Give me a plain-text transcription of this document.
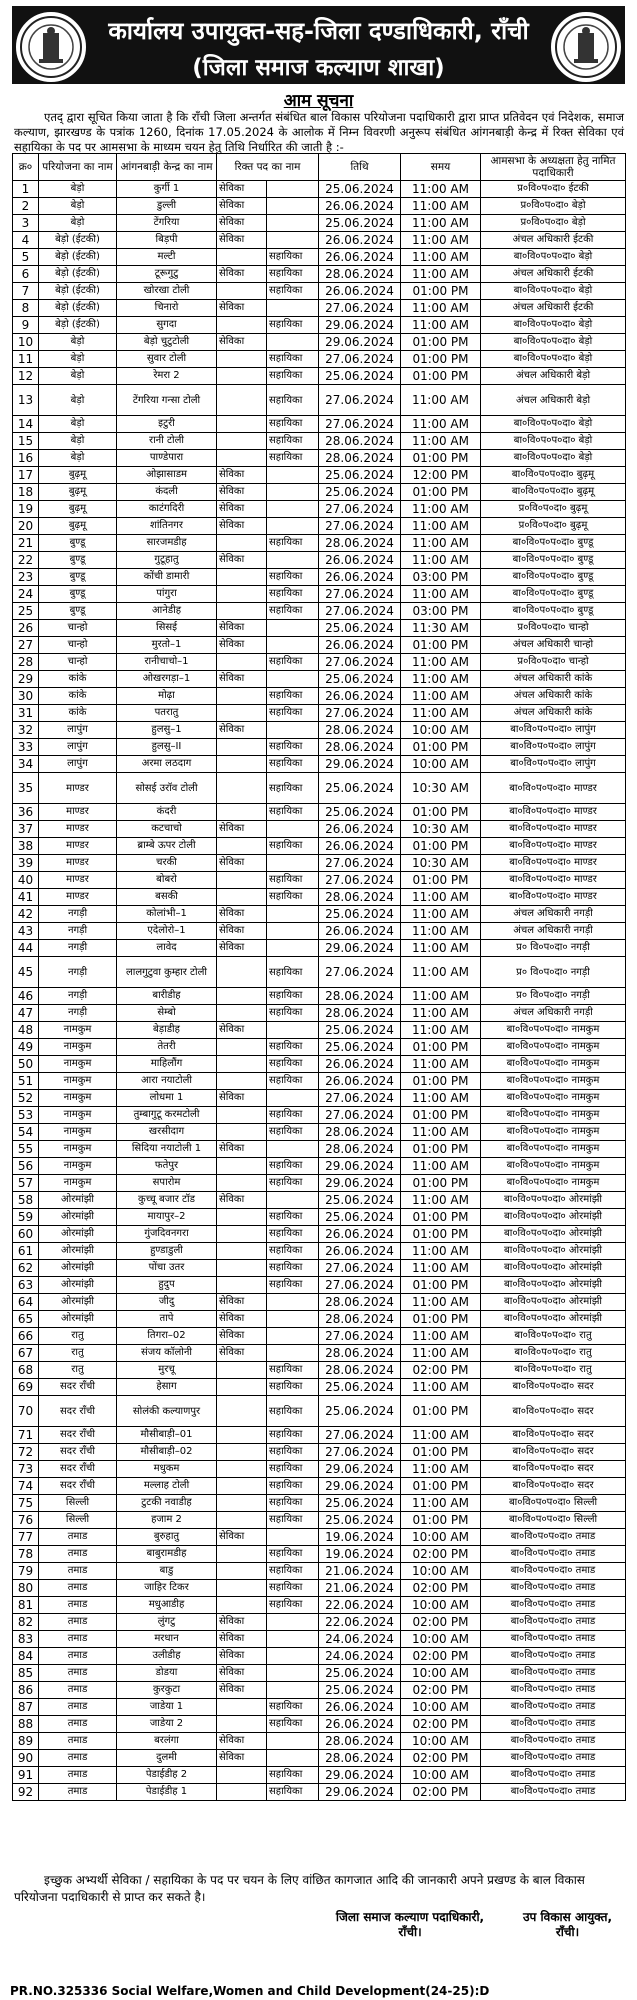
कार्यालय उपायुक्त-सह-जिला दण्डाधिकारी, राँची
(जिला समाज कल्याण शाखा)
आम सूचना
एतद् द्वारा सूचित किया जाता है कि राँची जिला अन्तर्गत संबंधित बाल विकास परियोजना पदाधिकारी द्वारा प्राप्त प्रतिवेदन एवं निदेशक, समाज कल्याण, झारखण्ड के पत्रांक 1260, दिनांक 17.05.2024 के आलोक में निम्न विवरणी अनुरूप संबंधित आंगनबाड़ी केन्द्र में रिक्त सेविका एवं सहायिका के पद पर आमसभा के माध्यम चयन हेतु तिथि निर्धारित की जाती है :-
क्र०	परियोजना का नाम	आंगनबाड़ी केन्द्र का नाम	रिक्त पद का नाम		तिथि	समय	आमसभा के अध्यक्षता हेतु नामित पदाधिकारी
1	बेड़ो	कुर्गी 1	सेविका		25.06.2024	11:00 AM	प्र०वि०प०दा० ईटकी
2	बेड़ो	डुल्ली	सेविका		26.06.2024	11:00 AM	प्र०वि०प०दा० बेड़ो
3	बेड़ो	टेंगरिया	सेविका		25.06.2024	11:00 AM	प्र०वि०प०दा० बेड़ो
4	बेड़ो (ईटकी)	बिड़पी	सेविका		26.06.2024	11:00 AM	अंचल अधिकारी ईटकी
5	बेड़ो (ईटकी)	मल्टी		सहायिका	26.06.2024	11:00 AM	बा०वि०प०प०दा० बेड़ो
6	बेड़ो (ईटकी)	टूरूगुटु	सेविका	सहायिका	28.06.2024	11:00 AM	अंचल अधिकारी ईटकी
7	बेड़ो (ईटकी)	खोरखा टोली		सहायिका	26.06.2024	01:00 PM	बा०वि०प०प०दा० बेड़ो
8	बेड़ो (ईटकी)	चिनारो	सेविका		27.06.2024	11:00 AM	अंचल अधिकारी ईटकी
9	बेड़ो (ईटकी)	सुगदा		सहायिका	29.06.2024	11:00 AM	बा०वि०प०प०दा० बेड़ो
10	बेड़ो	बेड़ो चुटुटोली	सेविका		29.06.2024	01:00 PM	बा०वि०प०प०दा० बेड़ो
11	बेड़ो	सुवार टोली		सहायिका	27.06.2024	01:00 PM	बा०वि०प०प०दा० बेड़ो
12	बेड़ो	रेमरा 2		सहायिका	25.06.2024	01:00 PM	अंचल अधिकारी बेड़ो
13	बेड़ो	टेंगरिया गन्सा टोली		सहायिका	27.06.2024	11:00 AM	अंचल अधिकारी बेड़ो
14	बेड़ो	इटुरी		सहायिका	27.06.2024	11:00 AM	बा०वि०प०प०दा० बेड़ो
15	बेड़ो	रानी टोली		सहायिका	28.06.2024	11:00 AM	बा०वि०प०प०दा० बेड़ो
16	बेड़ो	पाण्डेपारा		सहायिका	28.06.2024	01:00 PM	बा०वि०प०प०दा० बेड़ो
17	बुढ़मू	ओझासाडम	सेविका		25.06.2024	12:00 PM	बा०वि०प०प०दा० बुढ़मू
18	बुढ़मू	कंदली	सेविका		25.06.2024	01:00 PM	बा०वि०प०प०दा० बुढ़मू
19	बुढ़मू	काटंगदिरी	सेविका		27.06.2024	11:00 AM	प्र०वि०प०दा० बुढ़मू
20	बुढ़मू	शांतिनगर	सेविका		27.06.2024	11:00 AM	प्र०वि०प०दा० बुढ़मू
21	बुण्डू	सारजमडीह		सहायिका	28.06.2024	11:00 AM	बा०वि०प०प०दा० बुण्डू
22	बुण्डू	गुटूहातु	सेविका		26.06.2024	11:00 AM	बा०वि०प०प०दा० बुण्डू
23	बुण्डू	कोंची डामारी		सहायिका	26.06.2024	03:00 PM	बा०वि०प०प०दा० बुण्डू
24	बुण्डू	पांगुरा		सहायिका	27.06.2024	11:00 AM	बा०वि०प०प०दा० बुण्डू
25	बुण्डू	आनेडीह		सहायिका	27.06.2024	03:00 PM	बा०वि०प०प०दा० बुण्डू
26	चान्हो	सिसई	सेविका		25.06.2024	11:30 AM	प्र०वि०प०दा० चान्हो
27	चान्हो	मुरतो–1	सेविका		26.06.2024	01:00 PM	अंचल अधिकारी चान्हो
28	चान्हो	रानीचाचो–1		सहायिका	27.06.2024	11:00 AM	प्र०वि०प०दा० चान्हो
29	कांके	ओखरगड़ा–1	सेविका		25.06.2024	11:00 AM	अंचल अधिकारी कांके
30	कांके	मोढ़ा		सहायिका	26.06.2024	11:00 AM	अंचल अधिकारी कांके
31	कांके	पतरातु		सहायिका	27.06.2024	11:00 AM	अंचल अधिकारी कांके
32	लापुंग	हुलसु–1	सेविका		28.06.2024	10:00 AM	बा०वि०प०प०दा० लापुंग
33	लापुंग	हुलसु–II		सहायिका	28.06.2024	01:00 PM	बा०वि०प०प०दा० लापुंग
34	लापुंग	अरमा लठदाग		सहायिका	29.06.2024	10:00 AM	बा०वि०प०प०दा० लापुंग
35	माण्डर	सोसई उरॉव टोली		सहायिका	25.06.2024	10:30 AM	बा०वि०प०प०दा० माण्डर
36	माण्डर	कंदरी		सहायिका	25.06.2024	01:00 PM	बा०वि०प०प०दा० माण्डर
37	माण्डर	कटचाचो	सेविका		26.06.2024	10:30 AM	बा०वि०प०प०दा० माण्डर
38	माण्डर	ब्राम्बे ऊपर टोली		सहायिका	26.06.2024	01:00 PM	बा०वि०प०प०दा० माण्डर
39	माण्डर	चरकी	सेविका		27.06.2024	10:30 AM	बा०वि०प०प०दा० माण्डर
40	माण्डर	बोबरो		सहायिका	27.06.2024	01:00 PM	बा०वि०प०प०दा० माण्डर
41	माण्डर	बसकी		सहायिका	28.06.2024	11:00 AM	बा०वि०प०प०दा० माण्डर
42	नगड़ी	कोलांभी–1	सेविका		25.06.2024	11:00 AM	अंचल अधिकारी नगड़ी
43	नगड़ी	एदेलोरो–1	सेविका		26.06.2024	11:00 AM	अंचल अधिकारी नगड़ी
44	नगड़ी	लावेद	सेविका		29.06.2024	11:00 AM	प्र० वि०प०दा० नगड़ी
45	नगड़ी	लालगुटुवा कुम्हार टोली		सहायिका	27.06.2024	11:00 AM	प्र० वि०प०दा० नगड़ी
46	नगड़ी	बारीडीह		सहायिका	28.06.2024	11:00 AM	प्र० वि०प०दा० नगड़ी
47	नगड़ी	सेम्बो		सहायिका	28.06.2024	11:00 AM	अंचल अधिकारी नगड़ी
48	नामकुम	बेड़ाडीह	सेविका		25.06.2024	11:00 AM	बा०वि०प०प०दा० नामकुम
49	नामकुम	तेतरी		सहायिका	25.06.2024	01:00 PM	बा०वि०प०प०दा० नामकुम
50	नामकुम	माहिलौंग		सहायिका	26.06.2024	11:00 AM	बा०वि०प०प०दा० नामकुम
51	नामकुम	आरा नयाटोली		सहायिका	26.06.2024	01:00 PM	बा०वि०प०प०दा० नामकुम
52	नामकुम	लोधमा 1	सेविका		27.06.2024	11:00 AM	बा०वि०प०प०दा० नामकुम
53	नामकुम	तुम्बागुटू करमटोली		सहायिका	27.06.2024	01:00 PM	बा०वि०प०प०दा० नामकुम
54	नामकुम	खरसीदाग		सहायिका	28.06.2024	11:00 AM	बा०वि०प०प०दा० नामकुम
55	नामकुम	सिदिया नयाटोली 1	सेविका		28.06.2024	01:00 PM	बा०वि०प०प०दा० नामकुम
56	नामकुम	फतेपुर		सहायिका	29.06.2024	11:00 AM	बा०वि०प०प०दा० नामकुम
57	नामकुम	सपारोम		सहायिका	29.06.2024	01:00 PM	बा०वि०प०प०दा० नामकुम
58	ओरमांझी	कुच्चू बजार टॉड	सेविका		25.06.2024	11:00 AM	बा०वि०प०प०दा० ओरमांझी
59	ओरमांझी	मायापुर–2		सहायिका	25.06.2024	01:00 PM	बा०वि०प०प०दा० ओरमांझी
60	ओरमांझी	गुंजदिवनगरा		सहायिका	26.06.2024	01:00 PM	बा०वि०प०प०दा० ओरमांझी
61	ओरमांझी	हुण्डाडुली		सहायिका	26.06.2024	11:00 AM	बा०वि०प०प०दा० ओरमांझी
62	ओरमांझी	पोंचा उतर		सहायिका	27.06.2024	11:00 AM	बा०वि०प०प०दा० ओरमांझी
63	ओरमांझी	हुदुप		सहायिका	27.06.2024	01:00 PM	बा०वि०प०प०दा० ओरमांझी
64	ओरमांझी	जीदु	सेविका		28.06.2024	11:00 AM	बा०वि०प०प०दा० ओरमांझी
65	ओरमांझी	तापे	सेविका		28.06.2024	01:00 PM	बा०वि०प०प०दा० ओरमांझी
66	रातु	तिगरा–02	सेविका		27.06.2024	11:00 AM	बा०वि०प०प०दा० रातु
67	रातु	संजय कॉलोनी	सेविका		28.06.2024	11:00 AM	बा०वि०प०प०दा० रातु
68	रातु	मुरचू		सहायिका	28.06.2024	02:00 PM	बा०वि०प०प०दा० रातु
69	सदर राँची	हेसाग		सहायिका	25.06.2024	11:00 AM	बा०वि०प०प०दा० सदर
70	सदर राँची	सोलंकी कल्याणपुर		सहायिका	25.06.2024	01:00 PM	बा०वि०प०प०दा० सदर
71	सदर राँची	मौसीबाड़ी–01		सहायिका	27.06.2024	11:00 AM	बा०वि०प०प०दा० सदर
72	सदर राँची	मौसीबाड़ी–02		सहायिका	27.06.2024	01:00 PM	बा०वि०प०प०दा० सदर
73	सदर राँची	मधुकम		सहायिका	29.06.2024	11:00 AM	बा०वि०प०प०दा० सदर
74	सदर राँची	मल्लाह टोली		सहायिका	29.06.2024	01:00 PM	बा०वि०प०प०दा० सदर
75	सिल्ली	टुटकी नवाडीह		सहायिका	25.06.2024	11:00 AM	बा०वि०प०प०दा० सिल्ली
76	सिल्ली	हजाम 2		सहायिका	25.06.2024	01:00 PM	बा०वि०प०प०दा० सिल्ली
77	तमाड	बुरुहातु	सेविका		19.06.2024	10:00 AM	बा०वि०प०प०दा० तमाड
78	तमाड	बाबुरामडीह		सहायिका	19.06.2024	02:00 PM	बा०वि०प०प०दा० तमाड
79	तमाड	बाडु		सहायिका	21.06.2024	10:00 AM	बा०वि०प०प०दा० तमाड
80	तमाड	जाहिर टिकर		सहायिका	21.06.2024	02:00 PM	बा०वि०प०प०दा० तमाड
81	तमाड	मधुआडीह		सहायिका	22.06.2024	10:00 AM	बा०वि०प०प०दा० तमाड
82	तमाड	लुंगटु	सेविका		22.06.2024	02:00 PM	बा०वि०प०प०दा० तमाड
83	तमाड	मरधान	सेविका		24.06.2024	10:00 AM	बा०वि०प०प०दा० तमाड
84	तमाड	उलीडीह	सेविका		24.06.2024	02:00 PM	बा०वि०प०प०दा० तमाड
85	तमाड	डोडया	सेविका		25.06.2024	10:00 AM	बा०वि०प०प०दा० तमाड
86	तमाड	कुरकुटा	सेविका		25.06.2024	02:00 PM	बा०वि०प०प०दा० तमाड
87	तमाड	जाडेया 1		सहायिका	26.06.2024	10:00 AM	बा०वि०प०प०दा० तमाड
88	तमाड	जाडेया 2		सहायिका	26.06.2024	02:00 PM	बा०वि०प०प०दा० तमाड
89	तमाड	बरलंगा	सेविका		28.06.2024	10:00 AM	बा०वि०प०प०दा० तमाड
90	तमाड	दुलमी	सेविका		28.06.2024	02:00 PM	बा०वि०प०प०दा० तमाड
91	तमाड	पेडाईडीह 2		सहायिका	29.06.2024	10:00 AM	बा०वि०प०प०दा० तमाड
92	तमाड	पेडाईडीह 1		सहायिका	29.06.2024	02:00 PM	बा०वि०प०प०दा० तमाड
इच्छुक अभ्यर्थी सेविका / सहायिका के पद पर चयन के लिए वांछित कागजात आदि की जानकारी अपने प्रखण्ड के बाल विकास परियोजना पदाधिकारी से प्राप्त कर सकते है।
जिला समाज कल्याण पदाधिकारी,
राँची।
उप विकास आयुक्त,
राँची।
PR.NO.325336 Social Welfare,Women and Child Development(24-25):D
